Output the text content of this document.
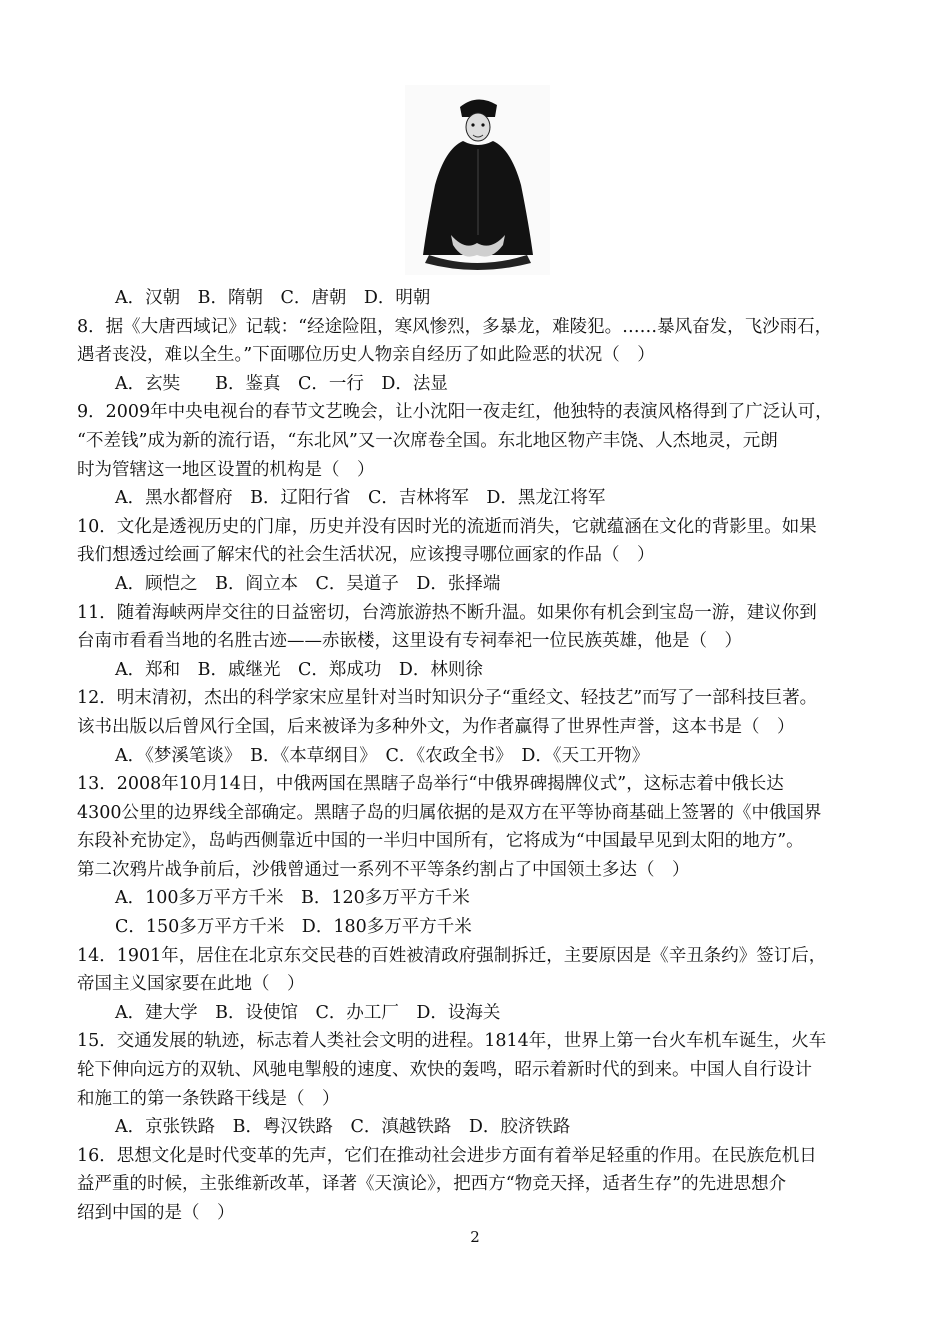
A．汉朝　B．隋朝　C．唐朝　D．明朝
8．据《大唐西域记》记载：“经途险阻，寒风惨烈，多暴龙，难陵犯。……暴风奋发，飞沙雨石，
遇者丧没，难以全生。”下面哪位历史人物亲自经历了如此险恶的状况（　）
A．玄奘　　B．鉴真　C．一行　D．法显
9．2009年中央电视台的春节文艺晚会，让小沈阳一夜走红，他独特的表演风格得到了广泛认可，
“不差钱”成为新的流行语，“东北风”又一次席卷全国。东北地区物产丰饶、人杰地灵，元朗
时为管辖这一地区设置的机构是（　）
A．黑水都督府　B．辽阳行省　C．吉林将军　D．黑龙江将军
10．文化是透视历史的门扉，历史并没有因时光的流逝而消失，它就蕴涵在文化的背影里。如果
我们想透过绘画了解宋代的社会生活状况，应该搜寻哪位画家的作品（　）
A．顾恺之　B．阎立本　C．吴道子　D．张择端
11．随着海峡两岸交往的日益密切，台湾旅游热不断升温。如果你有机会到宝岛一游，建议你到
台南市看看当地的名胜古迹——赤嵌楼，这里设有专祠奉祀一位民族英雄，他是（　）
A．郑和　B．戚继光　C．郑成功　D．林则徐
12．明末清初，杰出的科学家宋应星针对当时知识分子“重经文、轻技艺”而写了一部科技巨著。
该书出版以后曾风行全国，后来被译为多种外文，为作者赢得了世界性声誉，这本书是（　）
A．《梦溪笔谈》　B．《本草纲目》　C．《农政全书》　D．《天工开物》
13．2008年10月14日，中俄两国在黑瞎子岛举行“中俄界碑揭牌仪式”，这标志着中俄长达
4300公里的边界线全部确定。黑瞎子岛的归属依据的是双方在平等协商基础上签署的《中俄国界
东段补充协定》，岛屿西侧靠近中国的一半归中国所有，它将成为“中国最早见到太阳的地方”。
第二次鸦片战争前后，沙俄曾通过一系列不平等条约割占了中国领土多达（　）
A．100多万平方千米　B．120多万平方千米
C．150多万平方千米　D．180多万平方千米
14．1901年，居住在北京东交民巷的百姓被清政府强制拆迁，主要原因是《辛丑条约》签订后，
帝国主义国家要在此地（　）
A．建大学　B．设使馆　C．办工厂　D．设海关
15．交通发展的轨迹，标志着人类社会文明的进程。1814年，世界上第一台火车机车诞生，火车
轮下伸向远方的双轨、风驰电掣般的速度、欢快的轰鸣，昭示着新时代的到来。中国人自行设计
和施工的第一条铁路干线是（　）
A．京张铁路　B．粤汉铁路　C．滇越铁路　D．胶济铁路
16．思想文化是时代变革的先声，它们在推动社会进步方面有着举足轻重的作用。在民族危机日
益严重的时候，主张维新改革，译著《天演论》，把西方“物竞天择，适者生存”的先进思想介
绍到中国的是（　）
2
